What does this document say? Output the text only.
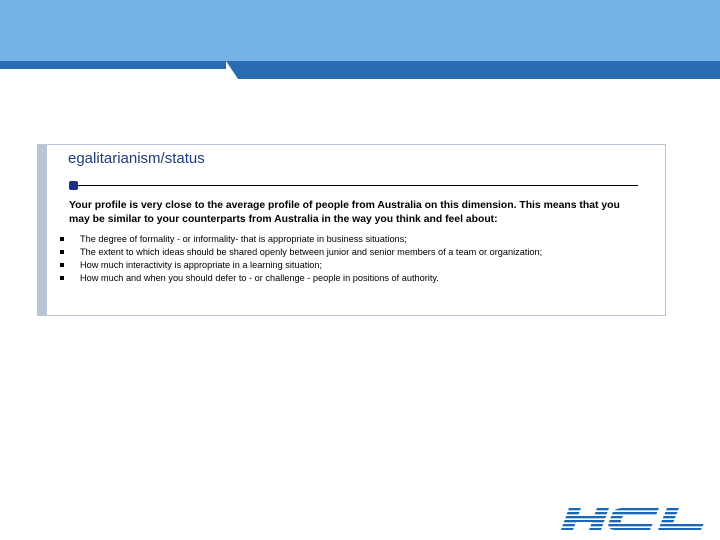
egalitarianism/status

Your profile is very close to the average profile of people from Australia on this dimension. This means that you may be similar to your counterparts from Australia in the way you think and feel about:

The degree of formality - or informality- that is appropriate in business situations;
The extent to which ideas should be shared openly between junior and senior members of a team or organization;
How much interactivity is appropriate in a learning situation;
How much and when you should defer to - or challenge - people in positions of authority.
